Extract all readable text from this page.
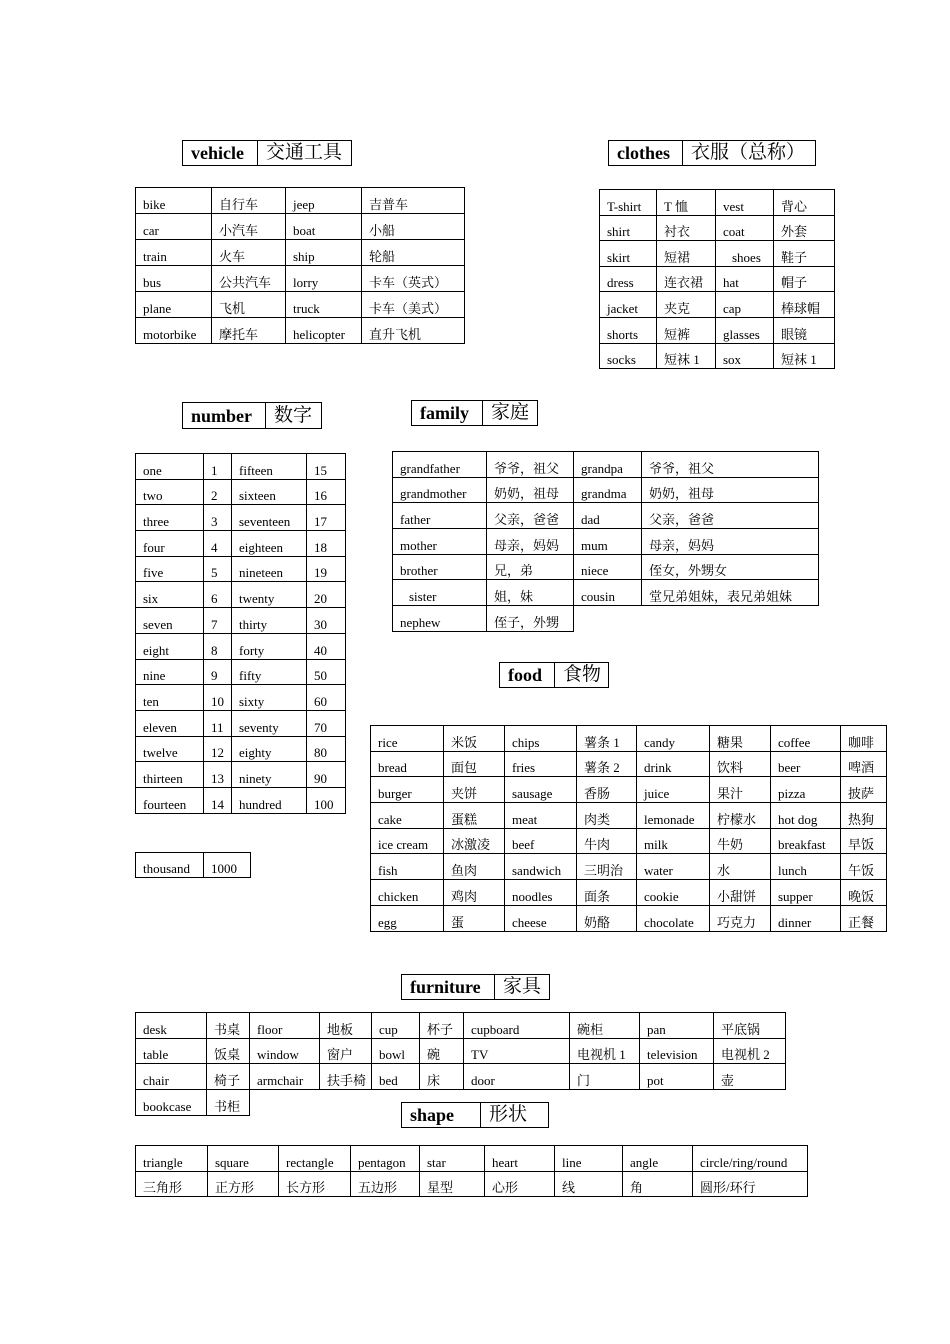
vehicle	交通工具	clothes	衣服（总称）
number	数字	family	家庭
food	食物
furniture	家具
shape	形状
bike	自行车	jeep	吉普车
car	小汽车	boat	小船
train	火车	ship	轮船
bus	公共汽车	lorry	卡车（英式）
plane	飞机	truck	卡车（美式）
motorbike	摩托车	helicopter	直升飞机
T-shirt	T 恤	vest	背心
shirt	衬衣	coat	外套
skirt	短裙	shoes	鞋子
dress	连衣裙	hat	帽子
jacket	夹克	cap	棒球帽
shorts	短裤	glasses	眼镜
socks	短袜 1	sox	短袜 1
one	1	fifteen	15
two	2	sixteen	16
three	3	seventeen	17
four	4	eighteen	18
five	5	nineteen	19
six	6	twenty	20
seven	7	thirty	30
eight	8	forty	40
nine	9	fifty	50
ten	10	sixty	60
eleven	11	seventy	70
twelve	12	eighty	80
thirteen	13	ninety	90
fourteen	14	hundred	100
thousand	1000
grandfather	爷爷，祖父	grandpa	爷爷，祖父
grandmother	奶奶，祖母	grandma	奶奶，祖母
father	父亲，爸爸	dad	父亲，爸爸
mother	母亲，妈妈	mum	母亲，妈妈
brother	兄，弟	niece	侄女，外甥女
sister	姐，妹	cousin	堂兄弟姐妹，表兄弟姐妹
nephew	侄子，外甥		
rice	米饭	chips	薯条 1	candy	糖果	coffee	咖啡
bread	面包	fries	薯条 2	drink	饮料	beer	啤酒
burger	夹饼	sausage	香肠	juice	果汁	pizza	披萨
cake	蛋糕	meat	肉类	lemonade	柠檬水	hot dog	热狗
ice cream	冰激凌	beef	牛肉	milk	牛奶	breakfast	早饭
fish	鱼肉	sandwich	三明治	water	水	lunch	午饭
chicken	鸡肉	noodles	面条	cookie	小甜饼	supper	晚饭
egg	蛋	cheese	奶酪	chocolate	巧克力	dinner	正餐
desk	书桌	floor	地板	cup	杯子	cupboard	碗柜	pan	平底锅
table	饭桌	window	窗户	bowl	碗	TV	电视机 1	television	电视机 2
chair	椅子	armchair	扶手椅	bed	床	door	门	pot	壶
bookcase	书柜								
triangle	square	rectangle	pentagon	star	heart	line	angle	circle/ring/round
三角形	正方形	长方形	五边形	星型	心形	线	角	圆形/环行
